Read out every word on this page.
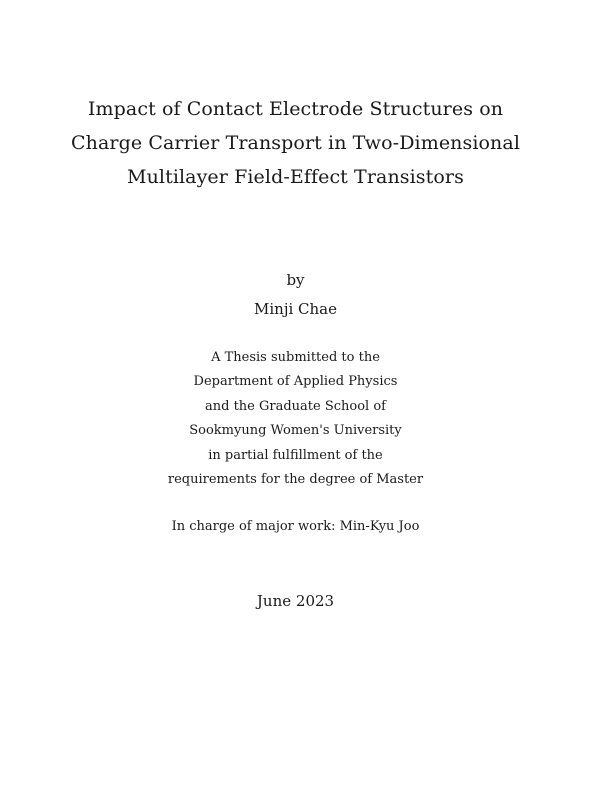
Impact of Contact Electrode Structures on
Charge Carrier Transport in Two-Dimensional
Multilayer Field-Effect Transistors
by
Minji Chae
A Thesis submitted to the
Department of Applied Physics
and the Graduate School of
Sookmyung Women's University
in partial fulfillment of the
requirements for the degree of Master
In charge of major work: Min-Kyu Joo
June 2023
